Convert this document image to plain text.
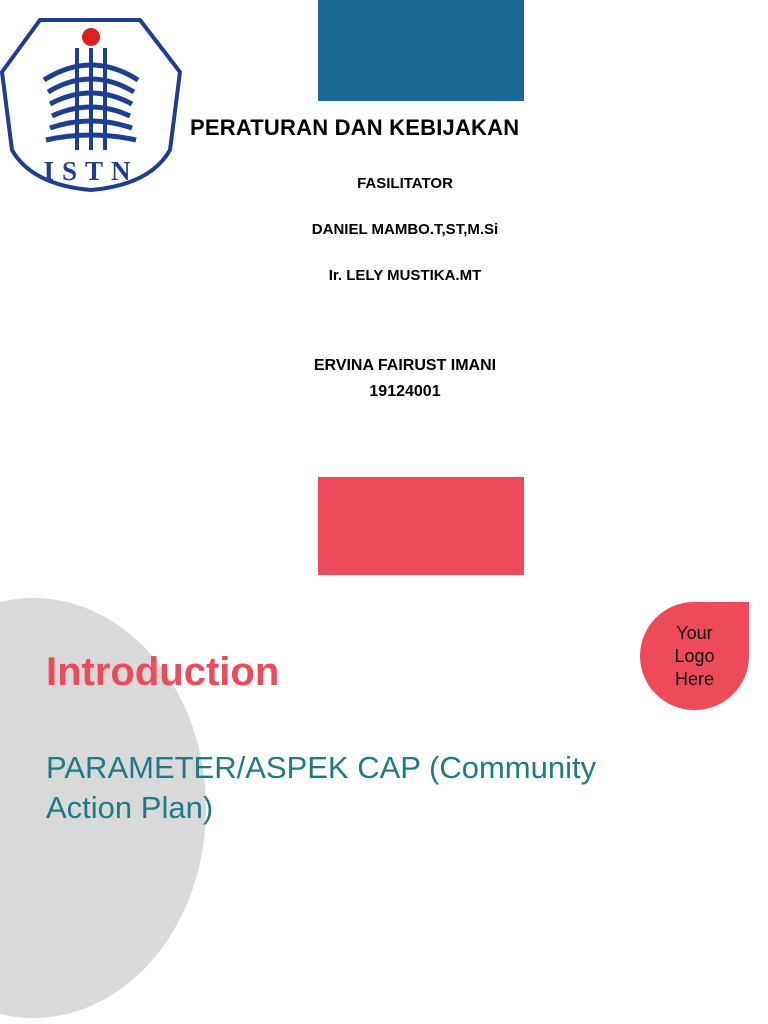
ISTN
PERATURAN DAN KEBIJAKAN
FASILITATOR
DANIEL MAMBO.T,ST,M.Si
Ir. LELY MUSTIKA.MT
ERVINA FAIRUST IMANI
19124001
Introduction
PARAMETER/ASPEK CAP (Community Action Plan)
Your
Logo
Here
